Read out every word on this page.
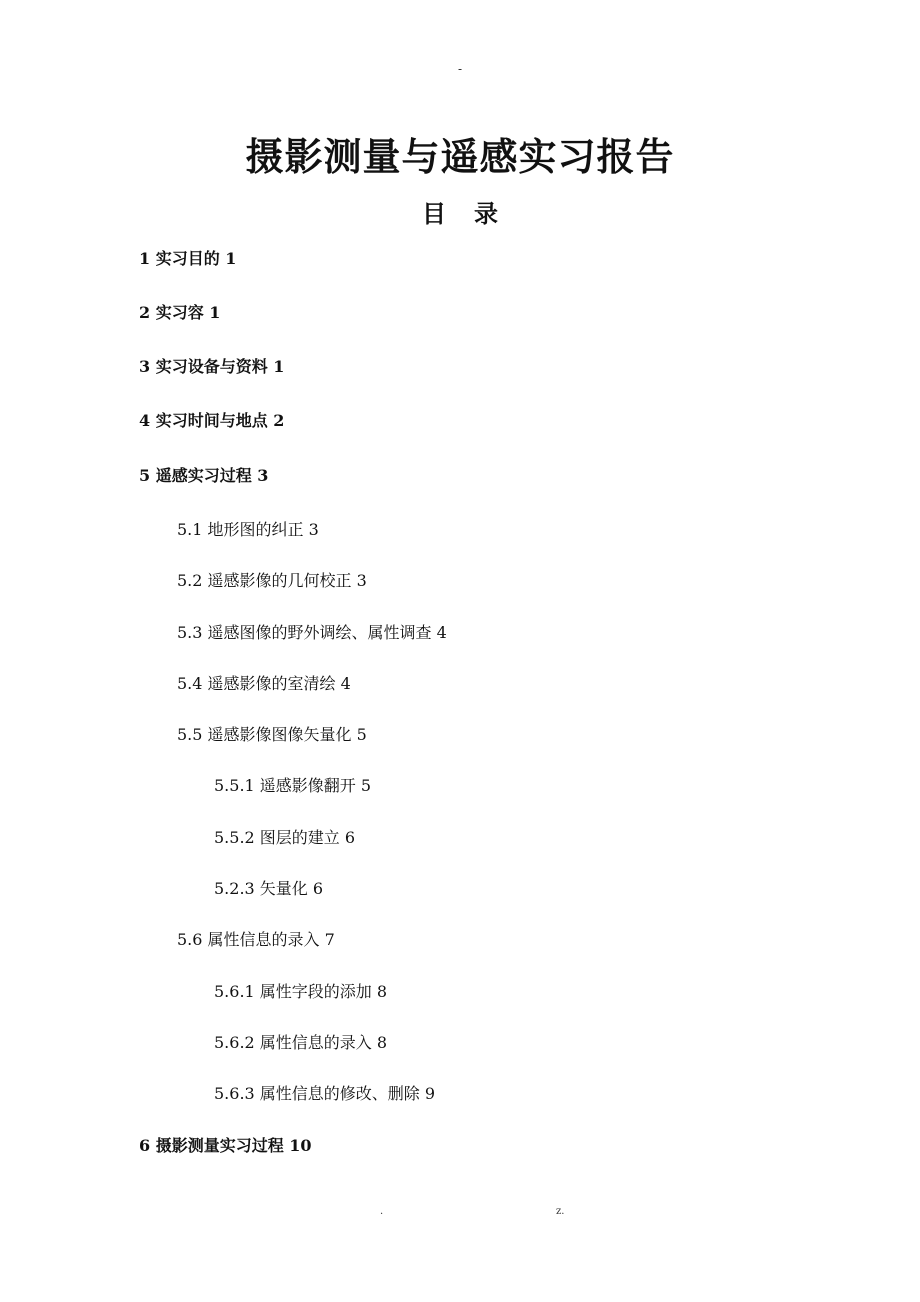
-
摄影测量与遥感实习报告
目录
1 实习目的 1
2 实习容 1
3 实习设备与资料 1
4 实习时间与地点 2
5 遥感实习过程 3
5.1 地形图的纠正 3
5.2 遥感影像的几何校正 3
5.3 遥感图像的野外调绘、属性调查 4
5.4 遥感影像的室清绘 4
5.5 遥感影像图像矢量化 5
5.5.1 遥感影像翻开 5
5.5.2 图层的建立 6
5.2.3 矢量化 6
5.6 属性信息的录入 7
5.6.1 属性字段的添加 8
5.6.2 属性信息的录入 8
5.6.3 属性信息的修改、删除 9
6 摄影测量实习过程 10
.	z.
